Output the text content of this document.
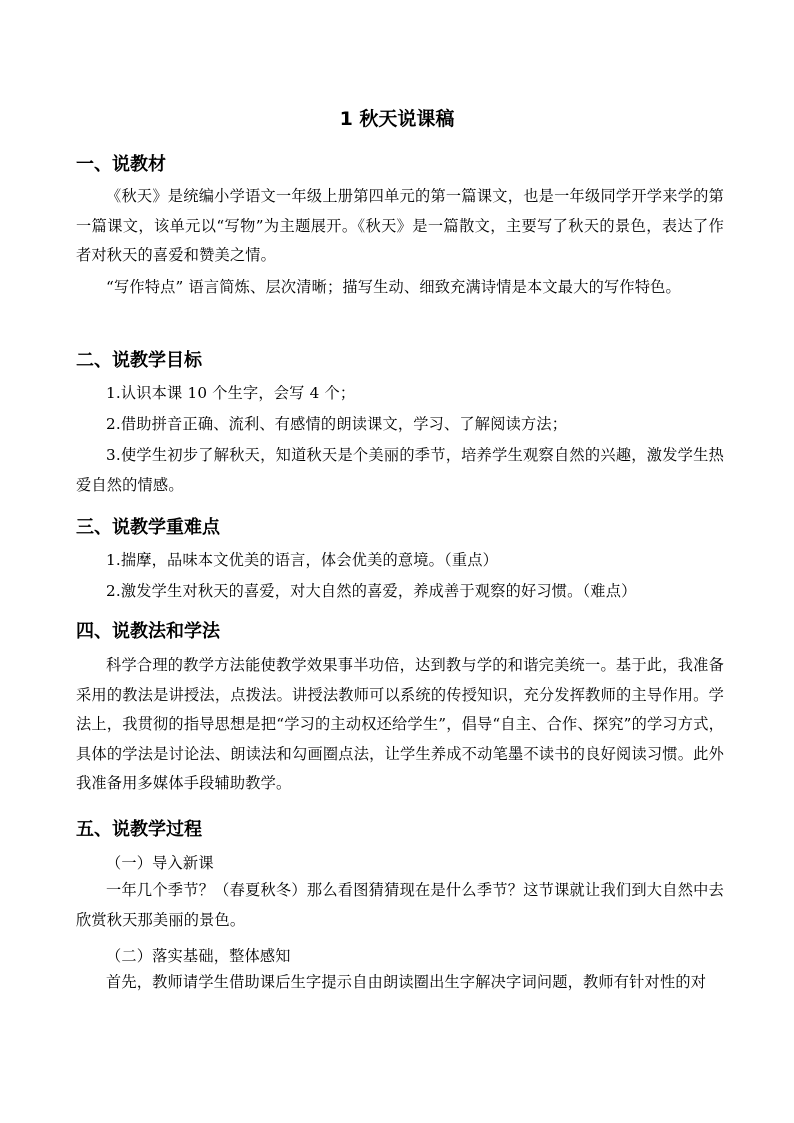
1 秋天说课稿
一、说教材
《秋天》是统编小学语文一年级上册第四单元的第一篇课文，也是一年级同学开学来学的第一篇课文，该单元以“写物”为主题展开。《秋天》是一篇散文，主要写了秋天的景色，表达了作者对秋天的喜爱和赞美之情。
“写作特点” 语言简炼、层次清晰；描写生动、细致充满诗情是本文最大的写作特色。
二、说教学目标
1.认识本课 10 个生字，会写 4 个；
2.借助拼音正确、流利、有感情的朗读课文，学习、了解阅读方法；
3.使学生初步了解秋天，知道秋天是个美丽的季节，培养学生观察自然的兴趣，激发学生热爱自然的情感。
三、说教学重难点
1.揣摩，品味本文优美的语言，体会优美的意境。（重点）
2.激发学生对秋天的喜爱，对大自然的喜爱，养成善于观察的好习惯。（难点）
四、说教法和学法
科学合理的教学方法能使教学效果事半功倍，达到教与学的和谐完美统一。基于此，我准备采用的教法是讲授法，点拨法。讲授法教师可以系统的传授知识，充分发挥教师的主导作用。学法上，我贯彻的指导思想是把“学习的主动权还给学生”，倡导“自主、合作、探究”的学习方式，具体的学法是讨论法、朗读法和勾画圈点法，让学生养成不动笔墨不读书的良好阅读习惯。此外我准备用多媒体手段辅助教学。
五、说教学过程
（一）导入新课
一年几个季节？（春夏秋冬）那么看图猜猜现在是什么季节？这节课就让我们到大自然中去欣赏秋天那美丽的景色。
（二）落实基础，整体感知
首先，教师请学生借助课后生字提示自由朗读圈出生字解决字词问题，教师有针对性的对
